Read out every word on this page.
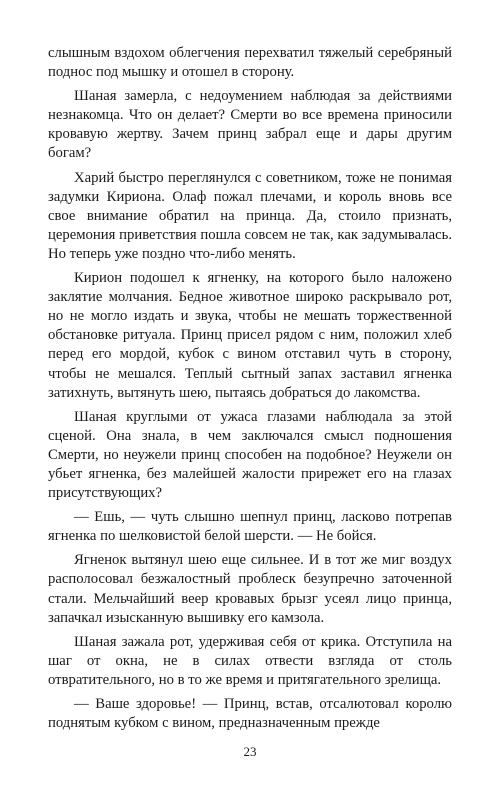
слышным вздохом облегчения перехватил тяжелый серебряный поднос под мышку и отошел в сторону.

Шаная замерла, с недоумением наблюдая за действиями незнакомца. Что он делает? Смерти во все времена приносили кровавую жертву. Зачем принц забрал еще и дары другим богам?

Харий быстро переглянулся с советником, тоже не понимая задумки Кириона. Олаф пожал плечами, и король вновь все свое внимание обратил на принца. Да, стоило признать, церемония приветствия пошла совсем не так, как задумывалась. Но теперь уже поздно что-либо менять.

Кирион подошел к ягненку, на которого было наложено заклятие молчания. Бедное животное широко раскрывало рот, но не могло издать и звука, чтобы не мешать торжественной обстановке ритуала. Принц присел рядом с ним, положил хлеб перед его мордой, кубок с вином отставил чуть в сторону, чтобы не мешался. Теплый сытный запах заставил ягненка затихнуть, вытянуть шею, пытаясь добраться до лакомства.

Шаная круглыми от ужаса глазами наблюдала за этой сценой. Она знала, в чем заключался смысл подношения Смерти, но неужели принц способен на подобное? Неужели он убьет ягненка, без малейшей жалости прирежет его на глазах присутствующих?

— Ешь, — чуть слышно шепнул принц, ласково потрепав ягненка по шелковистой белой шерсти. — Не бойся.

Ягненок вытянул шею еще сильнее. И в тот же миг воздух располосовал безжалостный проблеск безупречно заточенной стали. Мельчайший веер кровавых брызг усеял лицо принца, запачкал изысканную вышивку его камзола.

Шаная зажала рот, удерживая себя от крика. Отступила на шаг от окна, не в силах отвести взгляда от столь отвратительного, но в то же время и притягательного зрелища.

— Ваше здоровье! — Принц, встав, отсалютовал королю поднятым кубком с вином, предназначенным прежде

23
